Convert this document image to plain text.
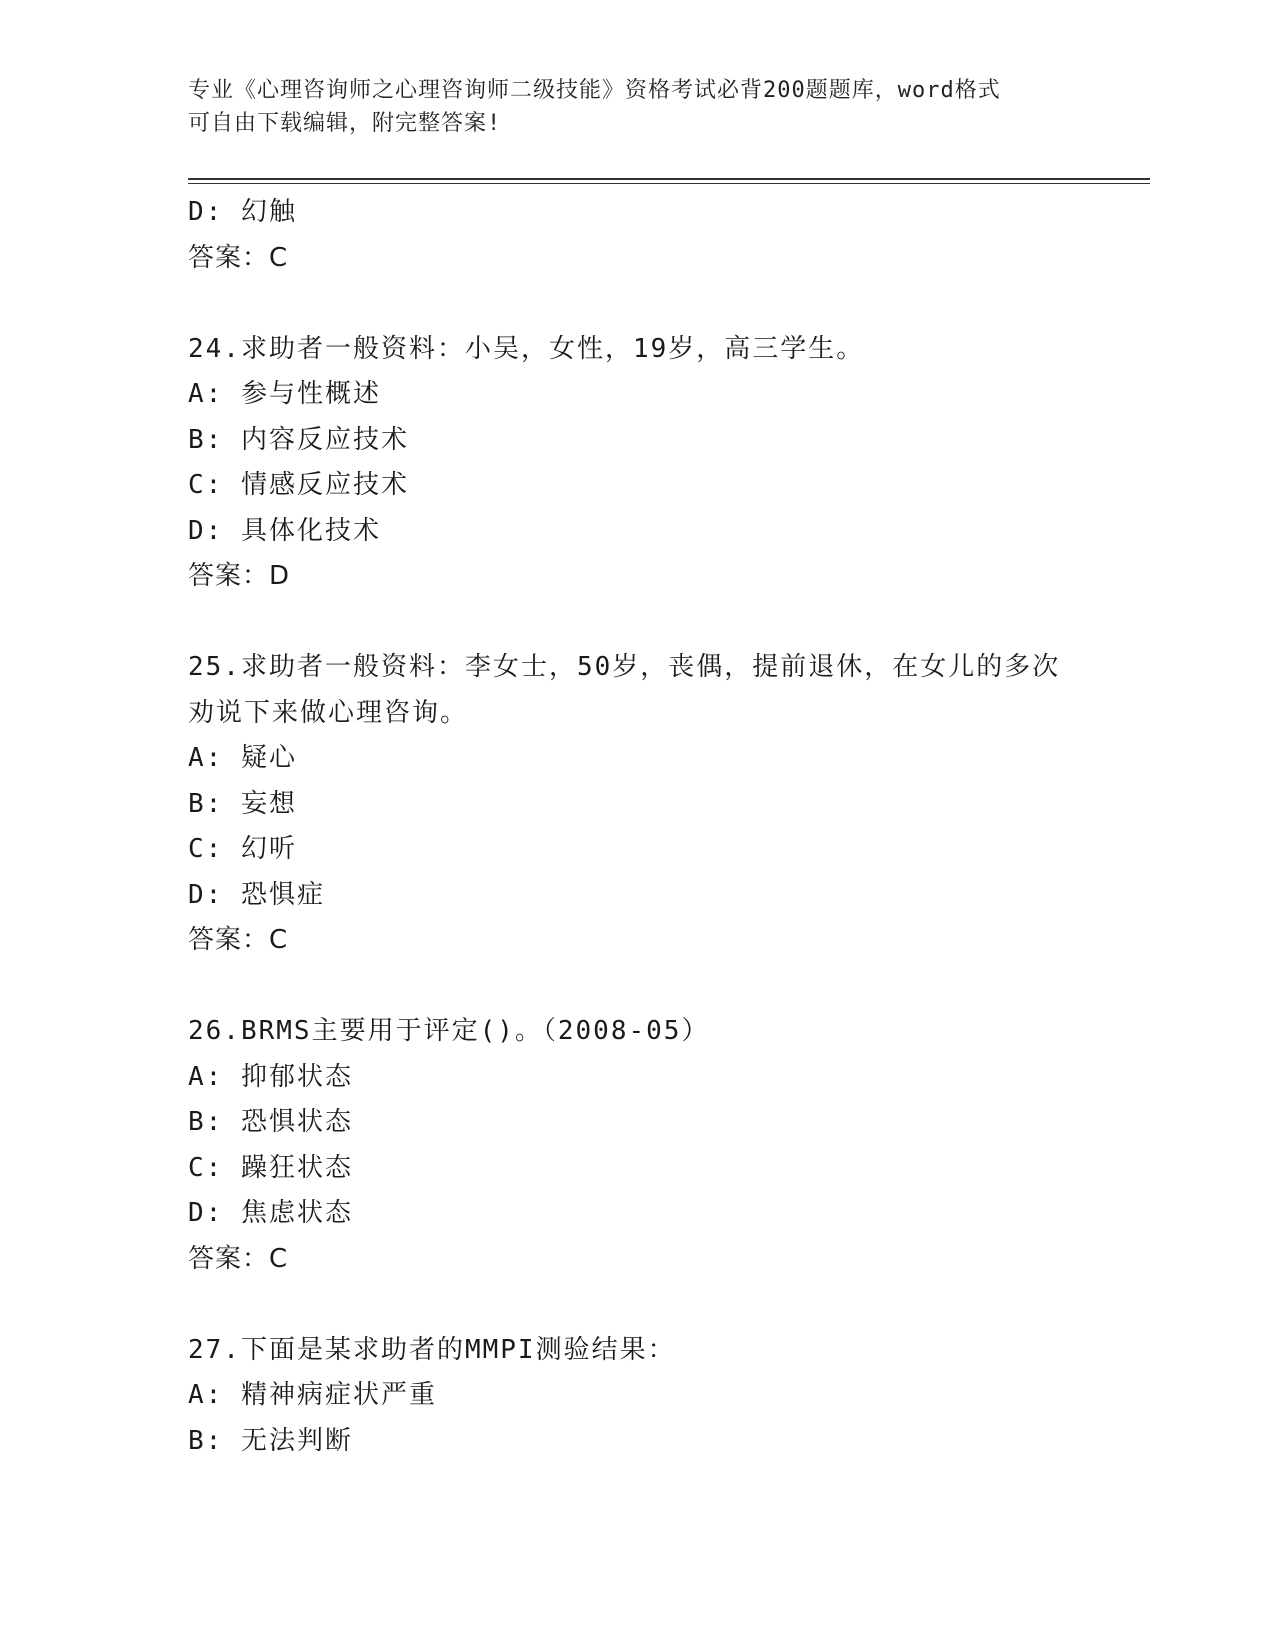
专业《心理咨询师之心理咨询师二级技能》资格考试必背200题题库，word格式
可自由下载编辑，附完整答案!
D: 幻触
答案：C
24.求助者一般资料：小吴，女性，19岁，高三学生。
A: 参与性概述
B: 内容反应技术
C: 情感反应技术
D: 具体化技术
答案：D
25.求助者一般资料：李女士，50岁，丧偶，提前退休，在女儿的多次
劝说下来做心理咨询。
A: 疑心
B: 妄想
C: 幻听
D: 恐惧症
答案：C
26.BRMS主要用于评定()。（2008-05）
A: 抑郁状态
B: 恐惧状态
C: 躁狂状态
D: 焦虑状态
答案：C
27.下面是某求助者的MMPI测验结果：
A: 精神病症状严重
B: 无法判断
